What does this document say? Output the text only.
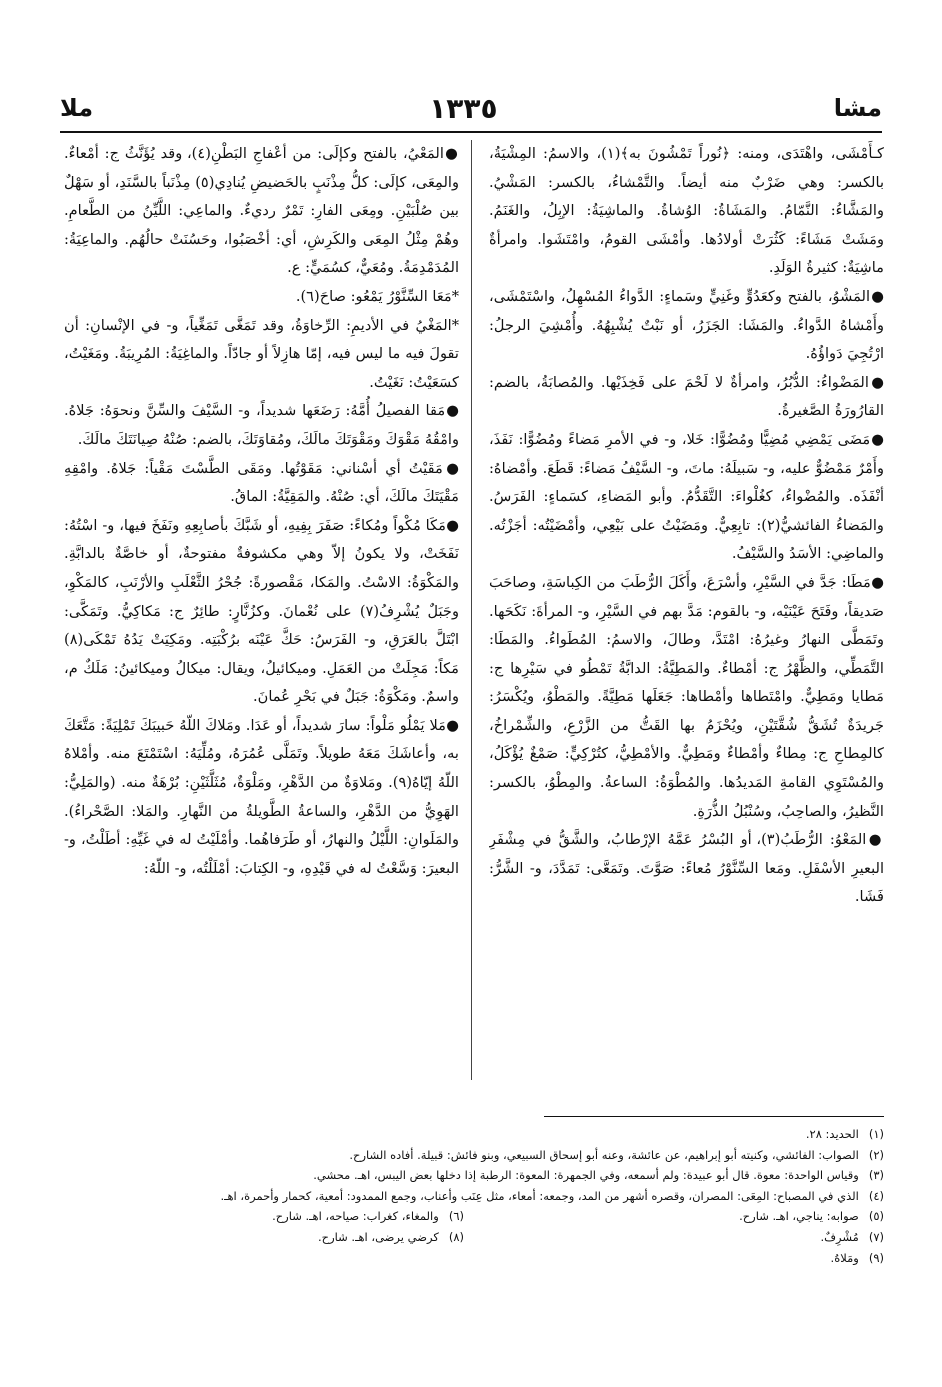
مشا
١٣٣٥
ملا

كـأَمْشَى، واهْتَدَى، ومنه: ﴿نُوراً تَمْشُونَ به﴾(١)، والاسمُ: المِشْيَةُ، بالكسر: وهي ضَرْبٌ منه أيضاً. والتَّمْشاءُ، بالكسر: المَشْيُ. والمَشَّاءُ: النَّمّامُ. والمَشَاةُ: الوُشاةُ. والماشِيَةُ: الإبِلُ، والغَنَمُ. ومَشَتْ مَشَاءً: كَثُرَتْ أولادُها. وأمْشَى القومُ، وامْتَشَوا. وامرأةٌ ماشِيَةٌ: كثيرةُ الوَلَدِ.

●المَشْوُ، بالفتح وكعَدُوٍّ وغَنِيٍّ وسَماءٍ: الدَّواءُ المُسْهِلُ، واسْتَمْشَى، وأَمْشاهُ الدَّواءُ. والمَشَا: الجَزَرُ، أو نَبْتٌ يُشْبِهُهُ. وأُمْشِيَ الرجلُ: ارْتُجِيَ دَواؤُهُ.

●المَضْواءُ: الدُّبُرُ، وامرأةٌ لا لَحْمَ على فَخِذَيْها. والمُصابَةُ، بالضم: القارُورَةُ الصَّغيرةُ.

●مَضَى يَمْضِي مُضِيًّا ومُضُوًّا: خَلا، و- في الأمرِ مَضاءً ومُضُوًّا: نَفَذَ، وأَمْرٌ مَمْضُوٌّ عليه، و- سَبيلَهُ: ماتَ، و- السَّيْفُ مَضاءً: قَطَعَ. وأمْضاهُ: أنْفَذَه. والمُضْواءُ، كغُلْواءَ: التَّقَدُّمُ. وأبو المَضاءِ، كسَماءٍ: الفَرَسُ. والمَضاءُ الفائشيُّ(٢): تابِعِيٌّ. ومَضَيْتُ على بَيْعِي، وأمْضَيْتُه: أجَزْتُه. والماضِي: الأسَدُ والسَّيْفُ.

●مَطَا: جَدَّ في السَّيْرِ، وأسْرَعَ، وأَكَلَ الرُّطَبَ من الكِباسَةِ، وصاحَبَ صَديقاً، وفَتَحَ عَيْنَيْه، و- بالقوم: مَدَّ بهم في السَّيْرِ، و- المرأةَ: نَكَحَها. وتَمَطَّى النهارُ وغيرُهُ: امْتَدَّ، وطالَ، والاسمُ: المُطَواءُ. والمَطَا: التَّمَطِّي، والظَّهْرُ ج: أمْطاءٌ. والمَطِيَّةُ: الدابَّةُ تَمْطُو في سَيْرِها ج: مَطايا ومَطِيٌّ. وامْتَطاها وأمْطاها: جَعَلَها مَطِيَّةً. والمَطْوُ، ويُكْسَرُ: جَريدَةٌ تُشَقُّ شُقَّتَيْنِ، ويُحْزَمُ بها القَتُّ من الزَّرْعِ، والشِّمْراخُ، كالمِطاحِ ج: مِطاءٌ وأمْطاءٌ ومَطِيٌّ. والأمْطِيُّ، كتُرْكِيٍّ: صَمْغٌ يُؤْكَلُ، والمُسْتَوِي القامةِ المَديدُها. والمُطْوَةُ: الساعةُ. والمِطْوُ، بالكسر: النَّظيرُ، والصاحِبُ، وسُنْبُلُ الذُّرَةِ.

●المَعْوُ: الرُّطَبُ(٣)، أو البُسْرُ عَمَّهُ الإرْطابُ، والشَّقُّ في مِشْفَرِ البعيرِ الأسْفَلِ. ومَعا السِّنَّوْرُ مُعاءً: صَوَّتَ. وتَمَعَّى: تَمَدَّدَ، و- الشَّرُّ: فَشَا.

●المَعْيُ، بالفتح وكإلَى: من أعْفاجِ البَطْنِ(٤)، وقد يُؤَنَّثُ ج: أمْعاءٌ. والمِعَى، كإلَى: كلُّ مِذْنَبٍ بالحَضيضِ يُنادِي(٥) مِذْنَباً بالسَّنَدِ، أو سَهْلٌ بين صُلْبَيْنِ. ومِعَى الفارِ: تَمْرٌ رديءٌ. والماعِي: اللَّيِّنُ من الطَّعامِ. وهُمْ مِثْلُ المِعَى والكَرِشِ، أي: أخْصَبُوا، وحَسُنَتْ حالُهُم. والماعِيَةُ: المُدَمْدِمَةُ. ومُعَيٌّ، كسُمَيٍّ: ع.

*مَعَا السِّنَّوْرُ يَمْعُو: صاحَ(٦).

*المَغْيُ في الأديمِ: الرِّخاوَةُ، وقد تَمَغَّى تَمَغِّياً، و- في الإنْسانِ: أن تقولَ فيه ما ليس فيه، إمّا هازِلاً أو جادّاً. والماغِيَةُ: المُرِيبَةُ. ومَغَيْتُ، كسَعَيْتُ: نَغَيْتُ.

●مَقا الفصيلُ أُمَّهُ: رَضَعَها شديداً، و- السَّيْفَ والسِّنَّ ونحوَهُ: جَلاهُ. وامْقُهُ مَقْوَكَ ومَقْوَتَكَ مالَكَ، ومُقاوَتَكَ، بالضم: صُنْهُ صِيانَتَكَ مالَكَ.

●مَقَيْتُ أي أسْناني: مَقَوْتُها. ومَقَى الطَّسْتَ مَقْياً: جَلاهُ. وامْقِهِ مَقْيَتَكَ مالَكَ، أي: صُنْهُ. والمَقِيَّةُ: الماقُ.

●مَكَا مُكْواً ومُكاءً: صَفَرَ بِفِيهِ، أو شَبَّكَ بأصابِعِهِ ونَفَخَ فيها، و- اسْتُهُ: نَفَخَتْ، ولا يكونُ إلاّ وهي مكشوفةٌ مفتوحةٌ، أو خاصَّةٌ بالدابَّةِ. والمَكْوَةُ: الاسْتُ. والمَكا، مَقْصورةً: جُحْرُ الثَّعْلَبِ والأرْنَبِ، كالمَكْوِ، وجَبَلٌ يُشْرِفُ(٧) على نُعْمانَ. وكزُنَّارٍ: طائِرٌ ج: مَكاكِيُّ. وتَمَكَّى: ابْتَلَّ بالعَرَقِ، و- الفَرَسُ: حَكَّ عَيْنَه برُكْبَتِه. ومَكِيَتْ يَدُهُ تَمْكَى(٨) مَكاً: مَجِلَتْ من العَمَلِ. وميكائيلُ، ويقال: ميكالُ وميكائينُ: مَلَكٌ م، واسمٌ. ومَكْوَةُ: جَبَلٌ في بَحْرِ عُمانَ.

●مَلا يَمْلُو مَلْواً: سارَ شديداً، أو عَدَا. ومَلاكَ اللّهُ حَبيبَكَ تَمْلِيَةً: مَتَّعَكَ به، وأعاشَكَ مَعَهُ طويلاً. وتَمَلَّى عُمُرَهُ، ومُلِّيَهُ: اسْتَمْتَعَ منه. وأمْلاهُ اللّهُ إيّاهُ(٩). ومَلاوَةٌ من الدَّهْرِ، ومَلْوَةٌ، مُثَلَّثَيْنِ: بُرْهَةٌ منه. (والمَلِيُّ: الهَوِيُّ من الدَّهْرِ، والساعةُ الطَّويلةُ من النَّهارِ. والمَلا: الصَّحْراءُ). والمَلَوانِ: اللَّيْلُ والنهارُ، أو طَرَفاهُما. وأمْلَيْتُ له في غَيِّهِ: أطَلْتُ، و- البعيرَ: وَسَّعْتُ له في قَيْدِهِ، و- الكِتابَ: أمْلَلْتُه، و- اللّهُ:

(١)
الحديد: ٢٨.
(٢)
الصواب: الفائشي، وكنيته أبو إبراهيم، عن عائشة، وعنه أبو إسحاق السبيعي، وبنو فائش: قبيلة. أفاده الشارح.
(٣)
وقياس الواحدة: معوة. قال أبو عبيدة: ولم أسمعه، وفي الجمهرة: المعوة: الرطبة إذا دخلها بعض اليبس، اهـ. محشي.
(٤)
الذي في المصباح: المِعَى: المصران، وقصره أشهر من المد، وجمعه: أمعاء، مثل عِنَب وأعناب، وجمع الممدود: أمعية، كحمار وأحمرة، اهـ.
(٥)
صوابه: يناجي، اهـ. شارح.
(٦)
والمغاء، كغراب: صياحه، اهـ. شارح.
(٧)
مُشْرِفٌ.
(٨)
كرضي يرضى، اهـ. شارح.
(٩)
ومَلاهُ.
